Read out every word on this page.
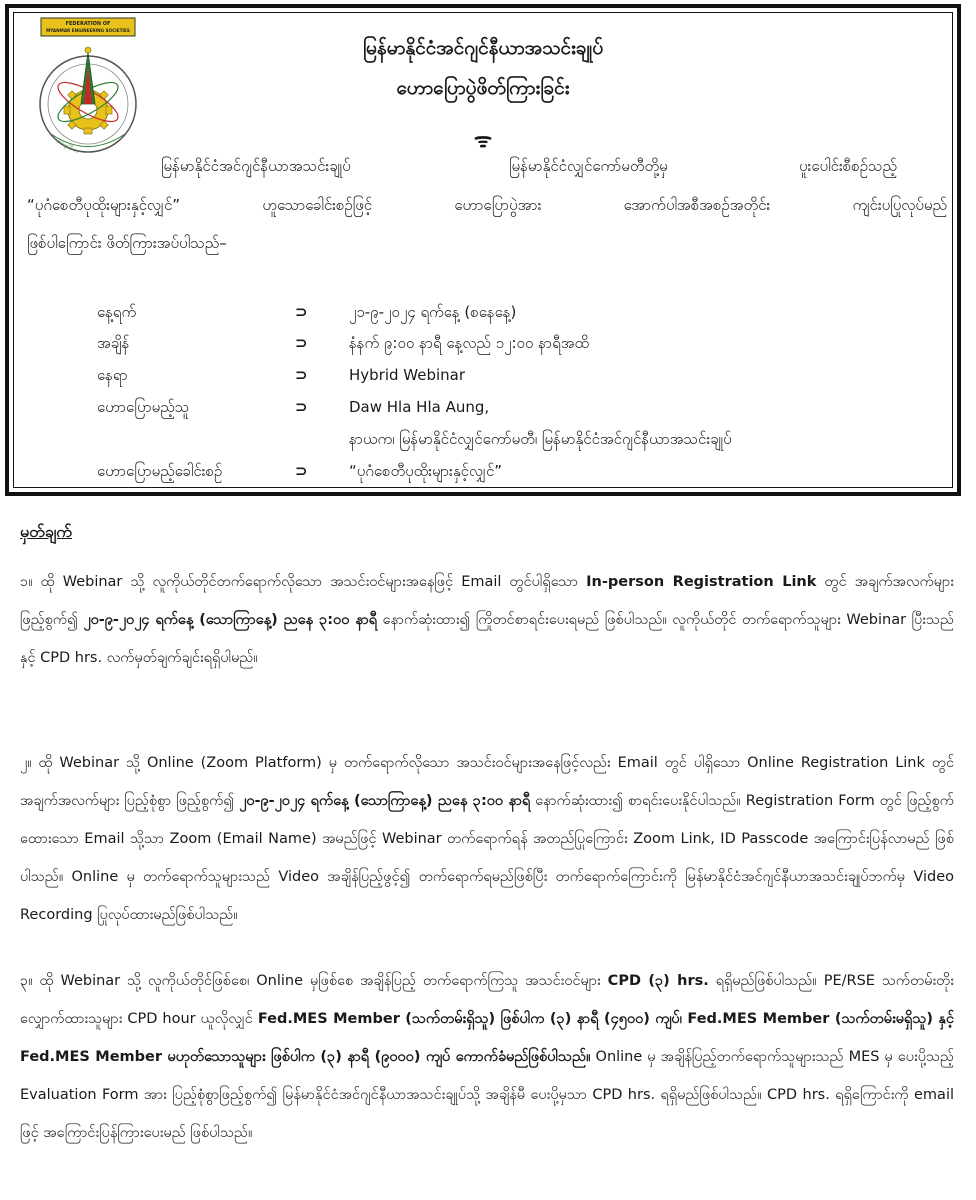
FEDERATION OF
MYANMAR ENGINEERING SOCIETIES
အင်ဂျင်နီယာ
မြန်မာနိုင်ငံအင်ဂျင်နီယာအသင်းချုပ်
ဟောပြောပွဲဖိတ်ကြားခြင်း
ᯤ
မြန်မာနိုင်ငံအင်ဂျင်နီယာအသင်းချုပ်	မြန်မာနိုင်ငံလျှင်ကော်မတီတို့မှ	ပူးပေါင်းစီစဉ်သည့်
“ပုဂံစေတီပုထိုးများနှင့်လျှင်” ဟူသောခေါင်းစဉ်ဖြင့် ဟောပြောပွဲအား အောက်ပါအစီအစဉ်အတိုင်း ကျင်းပပြုလုပ်မည်
ဖြစ်ပါကြောင်း ဖိတ်ကြားအပ်ပါသည်–
နေ့ရက်	⊃	၂၁-၉-၂၀၂၄ ရက်နေ့ (စနေနေ့)
အချိန်	⊃	နံနက် ၉:၀၀ နာရီ နေ့လည် ၁၂:၀၀ နာရီအထိ
နေရာ	⊃	Hybrid Webinar
ဟောပြောမည့်သူ	⊃	Daw Hla Hla Aung,
နာယက၊ မြန်မာနိုင်ငံလျှင်ကော်မတီ၊ မြန်မာနိုင်ငံအင်ဂျင်နီယာအသင်းချုပ်
ဟောပြောမည့်ခေါင်းစဉ်	⊃	“ပုဂံစေတီပုထိုးများနှင့်လျှင်”
မှတ်ချက်

၁။ ထို Webinar သို့ လူကိုယ်တိုင်တက်ရောက်လိုသော အသင်းဝင်များအနေဖြင့် Email တွင်ပါရှိသော In-person Registration Link တွင် အချက်အလက်များ ဖြည့်စွက်၍ ၂၀-၉-၂၀၂၄ ရက်နေ့ (သောကြာနေ့) ညနေ ၃:၀၀ နာရီ နောက်ဆုံးထား၍ ကြိုတင်စာရင်းပေးရမည် ဖြစ်ပါသည်။ လူကိုယ်တိုင် တက်ရောက်သူများ Webinar ပြီးသည်နှင့် CPD hrs. လက်မှတ်ချက်ချင်းရရှိပါမည်။

၂။ ထို Webinar သို့ Online (Zoom Platform) မှ တက်ရောက်လိုသော အသင်းဝင်များအနေဖြင့်လည်း Email တွင် ပါရှိသော Online Registration Link တွင် အချက်အလက်များ ပြည့်စုံစွာ ဖြည့်စွက်၍ ၂၀-၉-၂၀၂၄ ရက်နေ့ (သောကြာနေ့) ညနေ ၃:၀၀ နာရီ နောက်ဆုံးထား၍ စာရင်းပေးနိုင်ပါသည်။ Registration Form တွင် ဖြည့်စွက်ထေားသော Email သို့သာ Zoom (Email Name) အမည်ဖြင့် Webinar တက်ရောက်ရန် အတည်ပြုကြောင်း Zoom Link, ID Passcode အကြောင်းပြန်လာမည် ဖြစ်ပါသည်။ Online မှ တက်ရောက်သူများသည် Video အချိန်ပြည့်ဖွင့်၍ တက်ရောက်ရမည်ဖြစ်ပြီး တက်ရောက်ကြောင်းကို မြန်မာနိုင်ငံအင်ဂျင်နီယာအသင်းချုပ်ဘက်မှ Video Recording ပြုလုပ်ထားမည်ဖြစ်ပါသည်။

၃။ ထို Webinar သို့ လူကိုယ်တိုင်ဖြစ်စေ၊ Online မှဖြစ်စေ အချိန်ပြည့် တက်ရောက်ကြသူ အသင်းဝင်များ CPD (၃) hrs. ရရှိမည်ဖြစ်ပါသည်။ PE/RSE သက်တမ်းတိုးလျှောက်ထားသူများ CPD hour ယူလိုလျှင် Fed.MES Member (သက်တမ်းရှိသူ) ဖြစ်ပါက (၃) နာရီ (၄၅၀၀) ကျပ်၊ Fed.MES Member (သက်တမ်းမရှိသူ) နှင့် Fed.MES Member မဟုတ်သောသူများ ဖြစ်ပါက (၃) နာရီ (၉၀၀၀) ကျပ် ကောက်ခံမည်ဖြစ်ပါသည်။ Online မှ အချိန်ပြည့်တက်ရောက်သူများသည် MES မှ ပေးပို့သည့် Evaluation Form အား ပြည့်စုံစွာဖြည့်စွက်၍ မြန်မာနိုင်ငံအင်ဂျင်နီယာအသင်းချုပ်သို့ အချိန်မီ ပေးပို့မှသာ CPD hrs. ရရှိမည်ဖြစ်ပါသည်။ CPD hrs. ရရှိကြောင်းကို email ဖြင့် အကြောင်းပြန်ကြားပေးမည် ဖြစ်ပါသည်။
